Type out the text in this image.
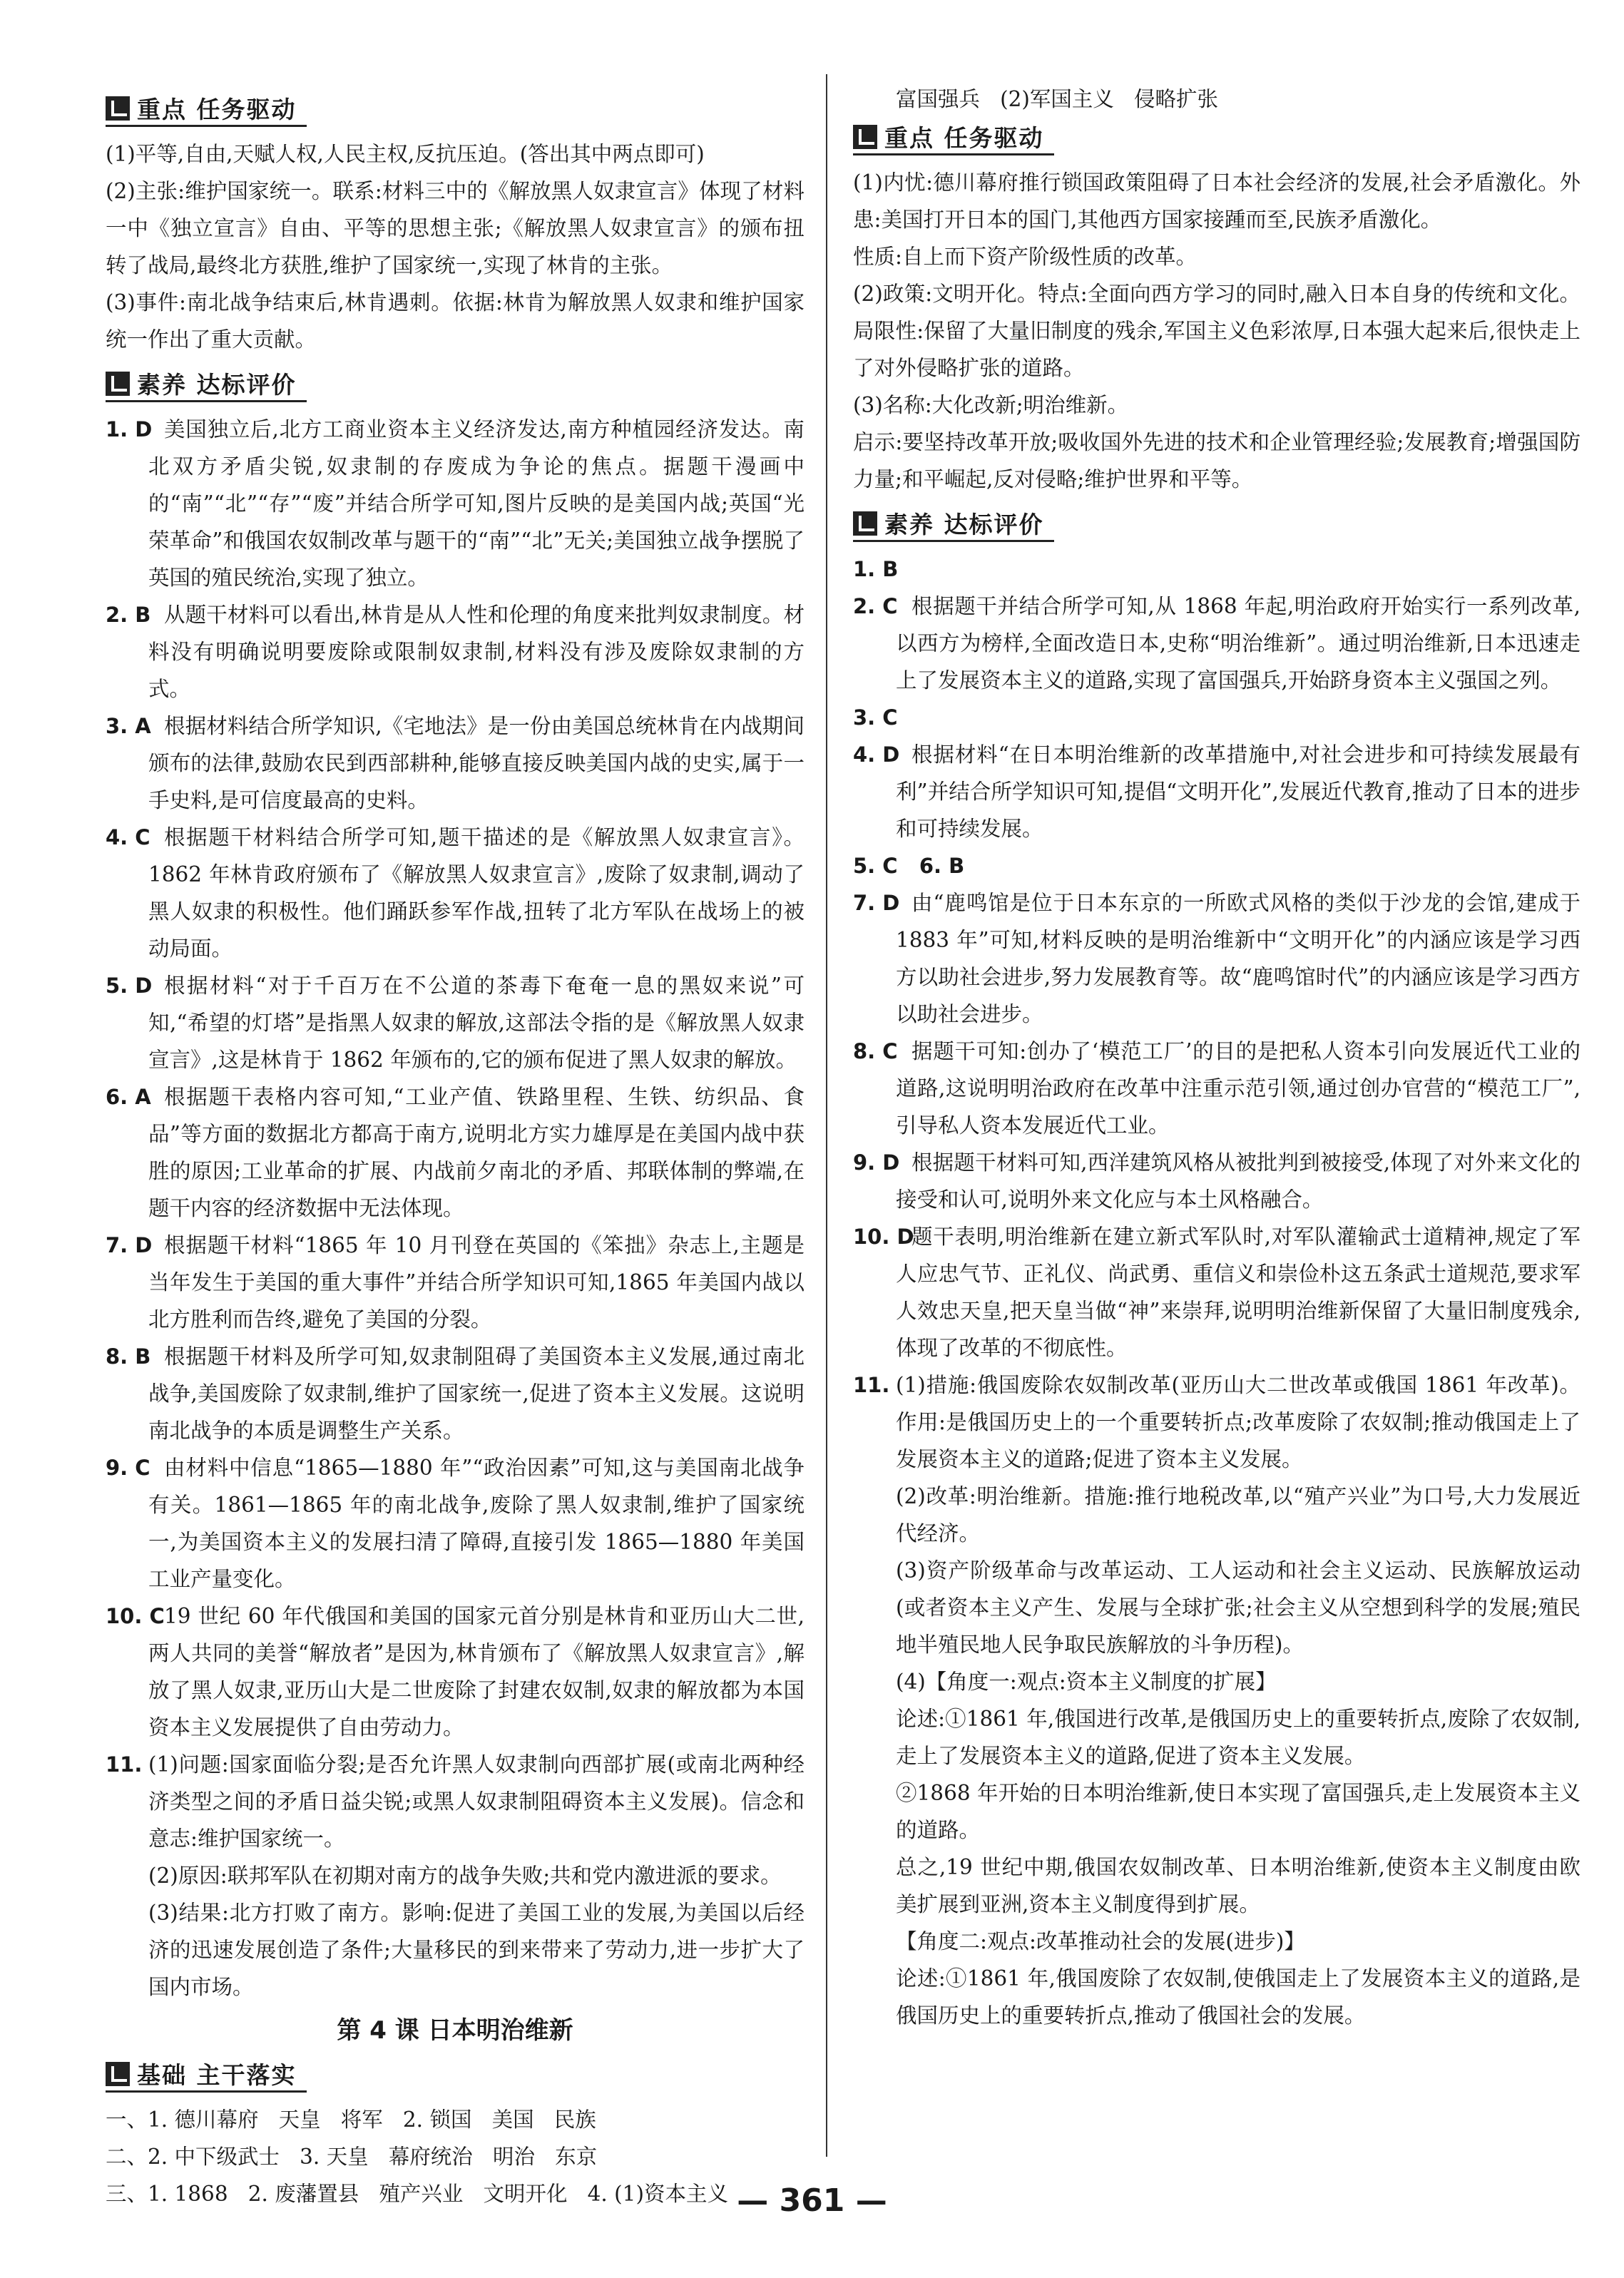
重点 任务驱动

(1)平等,自由,天赋人权,人民主权,反抗压迫。(答出其中两点即可)

(2)主张:维护国家统一。联系:材料三中的《解放黑人奴隶宣言》体现了材料一中《独立宣言》自由、平等的思想主张;《解放黑人奴隶宣言》的颁布扭转了战局,最终北方获胜,维护了国家统一,实现了林肯的主张。

(3)事件:南北战争结束后,林肯遇刺。依据:林肯为解放黑人奴隶和维护国家统一作出了重大贡献。

素养 达标评价
1. D 美国独立后,北方工商业资本主义经济发达,南方种植园经济发达。南北双方矛盾尖锐,奴隶制的存废成为争论的焦点。据题干漫画中的“南”“北”“存”“废”并结合所学可知,图片反映的是美国内战;英国“光荣革命”和俄国农奴制改革与题干的“南”“北”无关;美国独立战争摆脱了英国的殖民统治,实现了独立。

2. B 从题干材料可以看出,林肯是从人性和伦理的角度来批判奴隶制度。材料没有明确说明要废除或限制奴隶制,材料没有涉及废除奴隶制的方式。

3. A 根据材料结合所学知识,《宅地法》是一份由美国总统林肯在内战期间颁布的法律,鼓励农民到西部耕种,能够直接反映美国内战的史实,属于一手史料,是可信度最高的史料。

4. C 根据题干材料结合所学可知,题干描述的是《解放黑人奴隶宣言》。1862 年林肯政府颁布了《解放黑人奴隶宣言》,废除了奴隶制,调动了黑人奴隶的积极性。他们踊跃参军作战,扭转了北方军队在战场上的被动局面。

5. D 根据材料“对于千百万在不公道的茶毒下奄奄一息的黑奴来说”可知,“希望的灯塔”是指黑人奴隶的解放,这部法令指的是《解放黑人奴隶宣言》,这是林肯于 1862 年颁布的,它的颁布促进了黑人奴隶的解放。

6. A 根据题干表格内容可知,“工业产值、铁路里程、生铁、纺织品、食品”等方面的数据北方都高于南方,说明北方实力雄厚是在美国内战中获胜的原因;工业革命的扩展、内战前夕南北的矛盾、邦联体制的弊端,在题干内容的经济数据中无法体现。

7. D 根据题干材料“1865 年 10 月刊登在英国的《笨拙》杂志上,主题是当年发生于美国的重大事件”并结合所学知识可知,1865 年美国内战以北方胜利而告终,避免了美国的分裂。

8. B 根据题干材料及所学可知,奴隶制阻碍了美国资本主义发展,通过南北战争,美国废除了奴隶制,维护了国家统一,促进了资本主义发展。这说明南北战争的本质是调整生产关系。

9. C 由材料中信息“1865—1880 年”“政治因素”可知,这与美国南北战争有关。1861—1865 年的南北战争,废除了黑人奴隶制,维护了国家统一,为美国资本主义的发展扫清了障碍,直接引发 1865—1880 年美国工业产量变化。

10. C 19 世纪 60 年代俄国和美国的国家元首分别是林肯和亚历山大二世,两人共同的美誉“解放者”是因为,林肯颁布了《解放黑人奴隶宣言》,解放了黑人奴隶,亚历山大是二世废除了封建农奴制,奴隶的解放都为本国资本主义发展提供了自由劳动力。

11. (1)问题:国家面临分裂;是否允许黑人奴隶制向西部扩展(或南北两种经济类型之间的矛盾日益尖锐;或黑人奴隶制阻碍资本主义发展)。信念和意志:维护国家统一。

(2)原因:联邦军队在初期对南方的战争失败;共和党内激进派的要求。

(3)结果:北方打败了南方。影响:促进了美国工业的发展,为美国以后经济的迅速发展创造了条件;大量移民的到来带来了劳动力,进一步扩大了国内市场。

第 4 课 日本明治维新
基础 主干落实

一、1. 德川幕府   天皇   将军   2. 锁国   美国   民族

二、2. 中下级武士   3. 天皇   幕府统治   明治   东京

三、1. 1868   2. 废藩置县   殖产兴业   文明开化   4. (1)资本主义

富国强兵   (2)军国主义   侵略扩张

重点 任务驱动

(1)内忧:德川幕府推行锁国政策阻碍了日本社会经济的发展,社会矛盾激化。外患:美国打开日本的国门,其他西方国家接踵而至,民族矛盾激化。

性质:自上而下资产阶级性质的改革。

(2)政策:文明开化。特点:全面向西方学习的同时,融入日本自身的传统和文化。局限性:保留了大量旧制度的残余,军国主义色彩浓厚,日本强大起来后,很快走上了对外侵略扩张的道路。

(3)名称:大化改新;明治维新。

启示:要坚持改革开放;吸收国外先进的技术和企业管理经验;发展教育;增强国防力量;和平崛起,反对侵略;维护世界和平等。

素养 达标评价
1. B

2. C 根据题干并结合所学可知,从 1868 年起,明治政府开始实行一系列改革,以西方为榜样,全面改造日本,史称“明治维新”。通过明治维新,日本迅速走上了发展资本主义的道路,实现了富国强兵,开始跻身资本主义强国之列。

3. C

4. D 根据材料“在日本明治维新的改革措施中,对社会进步和可持续发展最有利”并结合所学知识可知,提倡“文明开化”,发展近代教育,推动了日本的进步和可持续发展。

5. C   6. B

7. D 由“鹿鸣馆是位于日本东京的一所欧式风格的类似于沙龙的会馆,建成于 1883 年”可知,材料反映的是明治维新中“文明开化”的内涵应该是学习西方以助社会进步,努力发展教育等。故“鹿鸣馆时代”的内涵应该是学习西方以助社会进步。

8. C 据题干可知:创办了‘模范工厂’的目的是把私人资本引向发展近代工业的道路,这说明明治政府在改革中注重示范引领,通过创办官营的“模范工厂”,引导私人资本发展近代工业。

9. D 根据题干材料可知,西洋建筑风格从被批判到被接受,体现了对外来文化的接受和认可,说明外来文化应与本土风格融合。

10. D

题干表明,明治维新在建立新式军队时,对军队灌输武士道精神,规定了军人应忠气节、正礼仪、尚武勇、重信义和崇俭朴这五条武士道规范,要求军人效忠天皇,把天皇当做“神”来崇拜,说明明治维新保留了大量旧制度残余,体现了改革的不彻底性。

11. (1)措施:俄国废除农奴制改革(亚历山大二世改革或俄国 1861 年改革)。作用:是俄国历史上的一个重要转折点;改革废除了农奴制;推动俄国走上了发展资本主义的道路;促进了资本主义发展。

(2)改革:明治维新。措施:推行地税改革,以“殖产兴业”为口号,大力发展近代经济。

(3)资产阶级革命与改革运动、工人运动和社会主义运动、民族解放运动(或者资本主义产生、发展与全球扩张;社会主义从空想到科学的发展;殖民地半殖民地人民争取民族解放的斗争历程)。

(4)【角度一:观点:资本主义制度的扩展】

论述:①1861 年,俄国进行改革,是俄国历史上的重要转折点,废除了农奴制,走上了发展资本主义的道路,促进了资本主义发展。

②1868 年开始的日本明治维新,使日本实现了富国强兵,走上发展资本主义的道路。

总之,19 世纪中期,俄国农奴制改革、日本明治维新,使资本主义制度由欧美扩展到亚洲,资本主义制度得到扩展。

【角度二:观点:改革推动社会的发展(进步)】

论述:①1861 年,俄国废除了农奴制,使俄国走上了发展资本主义的道路,是俄国历史上的重要转折点,推动了俄国社会的发展。

— 361 —
